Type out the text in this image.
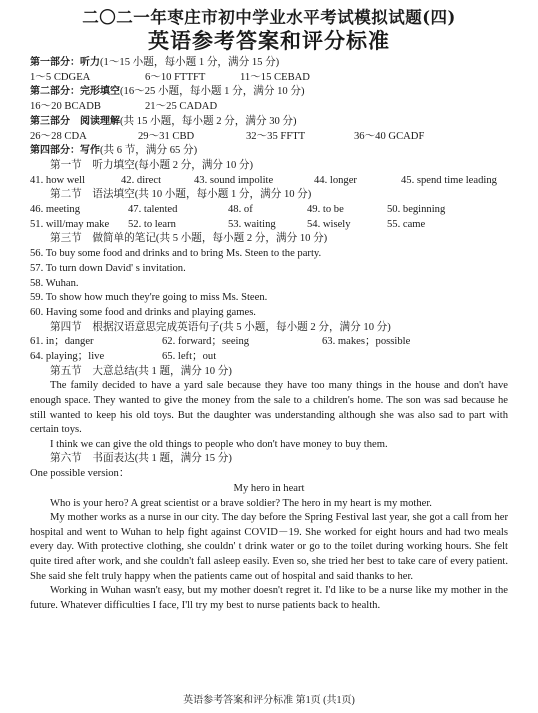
二〇二一年枣庄市初中学业水平考试模拟试题(四)
英语参考答案和评分标准
第一部分：听力(1～15 小题，每小题 1 分，满分 15 分)
1～5 CDGEA	6～10 FTTFT	11～15 CEBAD
第二部分：完形填空(16～25 小题，每小题 1 分，满分 10 分)
16～20 BCADB	21～25 CADAD
第三部分　阅读理解(共 15 小题，每小题 2 分，满分 30 分)
26～28 CDA	29～31 CBD	32～35 FFTT	36～40 GCADF
第四部分：写作(共 6 节，满分 65 分)
第一节　听力填空(每小题 2 分，满分 10 分)
41. how well	42. direct	43. sound impolite	44. longer	45. spend time leading
第二节　语法填空(共 10 小题，每小题 1 分，满分 10 分)
46. meeting	47. talented	48. of	49. to be	50. beginning
51. will/may make	52. to learn	53. waiting	54. wisely	55. came
第三节　做简单的笔记(共 5 小题，每小题 2 分，满分 10 分)
56. To buy some food and drinks and to bring Ms. Steen to the party.
57. To turn down David' s invitation.
58. Wuhan.
59. To show how much they're going to miss Ms. Steen.
60. Having some food and drinks and playing games.
第四节　根据汉语意思完成英语句子(共 5 小题，每小题 2 分，满分 10 分)
61. in；danger	62. forward；seeing	63. makes；possible
64. playing；live	65. left；out
第五节　大意总结(共 1 题，满分 10 分)
The family decided to have a yard sale because they have too many things in the house and don't have enough space. They wanted to give the money from the sale to a children's home. The son was sad because he still wanted to keep his old toys. But the daughter was understanding although she was also sad to part with certain toys.
I think we can give the old things to people who don't have money to buy them.
第六节　书面表达(共 1 题，满分 15 分)
One possible version：
My hero in heart
Who is your hero? A great scientist or a brave soldier? The hero in my heart is my mother.
My mother works as a nurse in our city. The day before the Spring Festival last year, she got a call from her hospital and went to Wuhan to help fight against COVID－19. She worked for eight hours and had two meals every day. With protective clothing, she couldn' t drink water or go to the toilet during working hours. She felt quite tired after work, and she couldn't fall asleep easily. Even so, she tried her best to take care of every patient. She said she felt truly happy when the patients came out of hospital and said thanks to her.
Working in Wuhan wasn't easy, but my mother doesn't regret it. I'd like to be a nurse like my mother in the future. Whatever difficulties I face, I'll try my best to nurse patients back to health.
英语参考答案和评分标准 第1页 (共1页)
